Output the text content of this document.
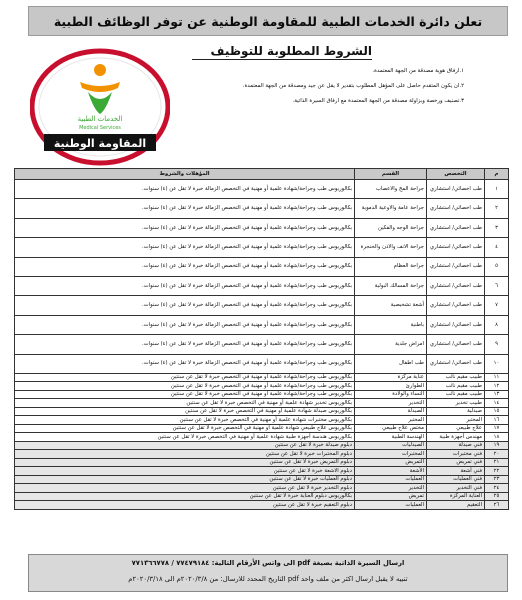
تعلن دائرة الخدمات الطبية للمقاومة الوطنية عن توفر الوظائف الطبية
الخدمات الطبية
Medical Services
المقاومة الوطنية
الشروط المطلوبة للتوظيف
١.ارفاق هوية مصدقة من الجهة المعتمدة.
٢.ان يكون المتقدم حاصل على المؤهل المطلوب بتقدير لا يقل عن جيد ومصدقة من الجهة المعتمدة.
٣.تصنيف ورخصة وبزاولة مصدقة من الجهة المعتمدة مع ارفاق السيرة الذاتية.
م	التخصص	القسم	المؤهلات والشروط
١	طب اخصائي/ استشاري	جراحة المخ والاعصاب	بكالوريوس طب وجراحة/شهادة علمية أو مهنية في التخصص الزمالة خبرة لا تقل عن (٤) سنوات.
٢	طب اخصائي/ استشاري	جراحة عامة والاوعية الدموية	بكالوريوس طب وجراحة/شهادة علمية أو مهنية في التخصص الزمالة خبرة لا تقل عن (٤) سنوات.
٣	طب اخصائي/ استشاري	جراحة الوجه والفكين	بكالوريوس طب وجراحة/شهادة علمية أو مهنية في التخصص الزمالة خبرة لا تقل عن (٤) سنوات.
٤	طب اخصائي/ استشاري	جراحة الانف والاذن والحنجرة	بكالوريوس طب وجراحة/شهادة علمية أو مهنية في التخصص الزمالة خبرة لا تقل عن (٤) سنوات.
٥	طب اخصائي/ استشاري	جراحة العظام	بكالوريوس طب وجراحة/شهادة علمية أو مهنية في التخصص الزمالة خبرة لا تقل عن (٤) سنوات.
٦	طب اخصائي/ استشاري	جراحة المسالك البولية	بكالوريوس طب وجراحة/شهادة علمية أو مهنية في التخصص الزمالة خبرة لا تقل عن (٤) سنوات.
٧	طب اخصائي/ استشاري	أشعة تشخيصية	بكالوريوس طب وجراحة/شهادة علمية أو مهنية في التخصص الزمالة خبرة لا تقل عن (٤) سنوات.
٨	طب اخصائي/ استشاري	باطنية	بكالوريوس طب وجراحة/شهادة علمية أو مهنية في التخصص الزمالة خبرة لا تقل عن (٤) سنوات.
٩	طب اخصائي/ استشاري	امراض جلدية	بكالوريوس طب وجراحة/شهادة علمية أو مهنية في التخصص الزمالة خبرة لا تقل عن (٤) سنوات.
١٠	طب اخصائي/ استشاري	طب اطفال	بكالوريوس طب وجراحة/شهادة علمية أو مهنية في التخصص الزمالة خبرة لا تقل عن (٤) سنوات.
١١	طبيب مقيم نائب	عناية مركزة	بكالوريوس طب وجراحة/شهادة علمية أو مهنية في التخصص خبرة لا تقل عن سنتين
١٢	طبيب مقيم نائب	الطوارئ	بكالوريوس طب وجراحة/شهادة علمية أو مهنية في التخصص خبرة لا تقل عن سنتين
١٣	طبيب مقيم نائب	النساء والولادة	بكالوريوس طب وجراحة/شهادة علمية أو مهنية في التخصص خبرة لا تقل عن سنتين
١٤	طبيب تخدير	التخدير	بكالوريوس تخدير شهادة علمية أو مهنية في التخصص خبرة لا تقل عن سنتين
١٥	صيدلية	الصيدلة	بكالوريوس صيدلة شهادة علمية أو مهنية في التخصص خبرة لا تقل عن سنتين
١٦	المختبر	المختبر	بكالوريوس مختبرات شهادة علمية أو مهنية في التخصص خبرة لا تقل عن سنتين
١٧	علاج طبيعي	مختص علاج طبيعي	بكالوريوس علاج طبيعي شهادة علمية أو مهنية في التخصص خبرة لا تقل عن سنتين
١٨	مهندس أجهزة طبية	الهندسة الطبية	بكالوريوس هندسة أجهزة طبية شهادة علمية أو مهنية في التخصص خبرة لا تقل عن سنتين
١٩	فني صيدلة	الصيدليات	دبلوم صيدلة خبرة لا تقل عن سنتين
٢٠	فني مختبرات	المختبرات	دبلوم المختبرات خبرة لا تقل عن سنتين
٢١	فني تمريض	التمريض	دبلوم التمريض خبرة لا تقل عن سنتين
٢٢	فني أشعة	الأشعة	دبلوم الاشعة خبرة لا تقل عن سنتين
٢٣	فني العمليات	العمليات	دبلوم العمليات خبرة لا تقل عن سنتين
٢٤	فني التخدير	التخدير	دبلوم التخدير خبرة لا تقل عن سنتين
٢٥	العناية المركزة	تمريض	بكالوريوس دبلوم العناية خبرة لا تقل عن سنتين
٢٦	التعقيم	العمليات	دبلوم التعقيم خبرة لا تقل عن سنتين
ارسال السيرة الذاتية بصيغة pdf الى واتس الأرقام التالية: ٧٧٤٧٩١٨٤ / ٧٧١٣٦٦٧٧٨
تنبيه لا يقبل ارسال اكثر من ملف واحد pdf التاريخ المحدد للارسال: من ٢٠٢٠/٣/٨م الى ٢٠٢٠/٣/١٨م
